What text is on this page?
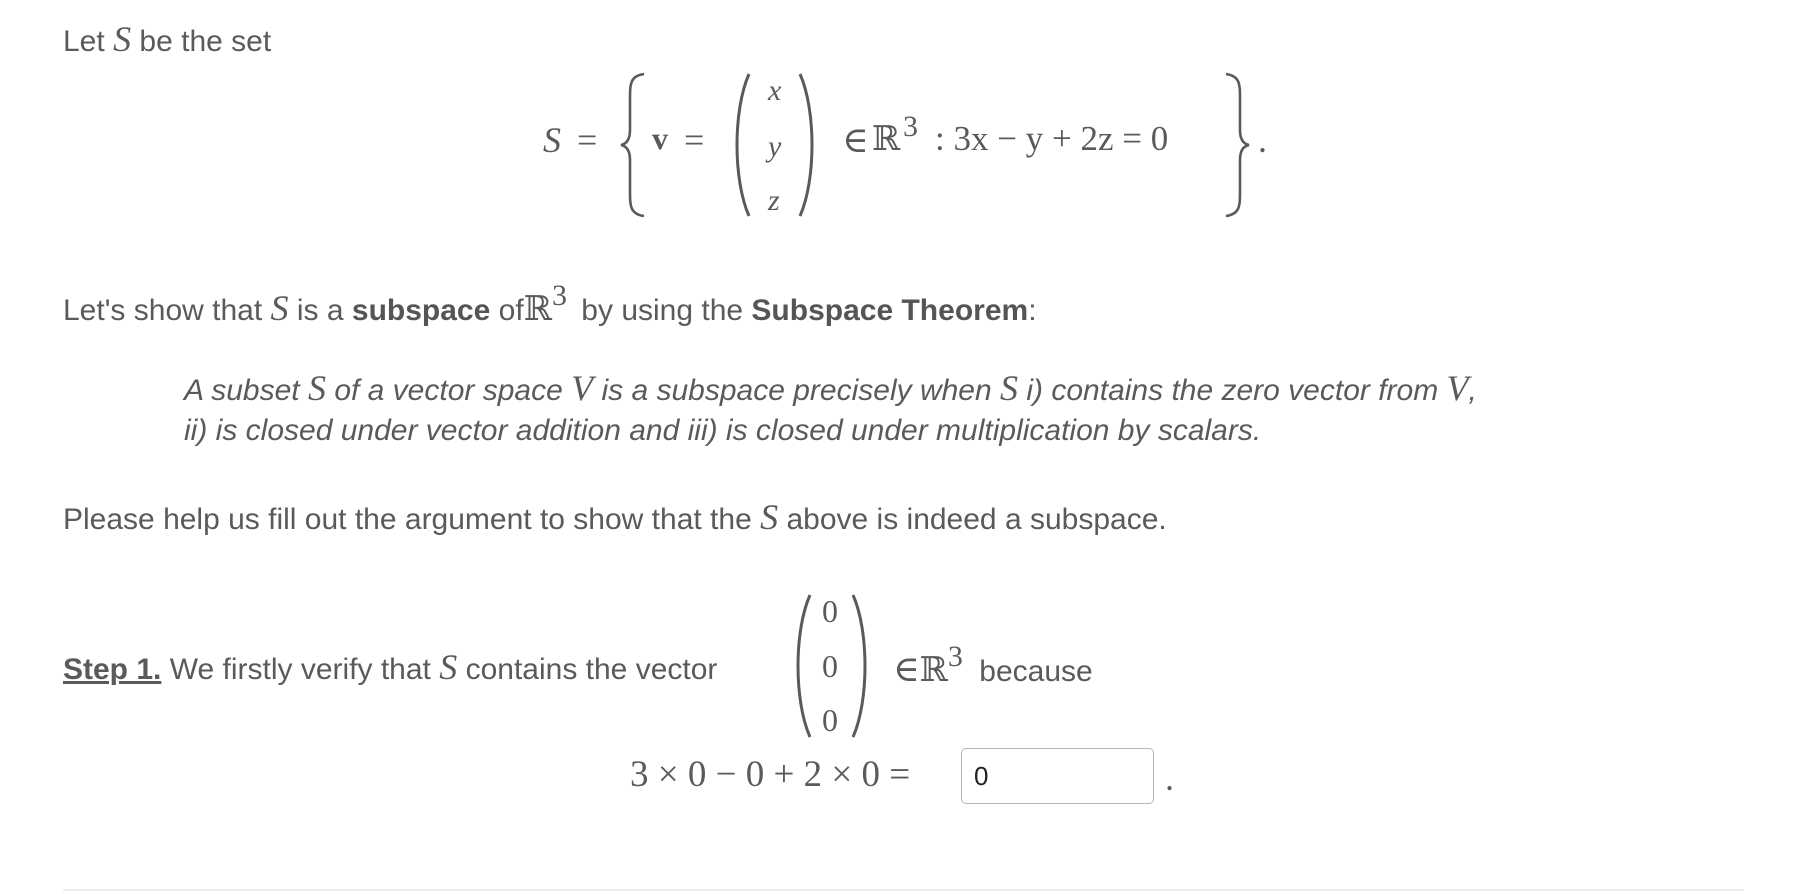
Let S be the set
S = v =
x
y
z
∈ ℝ 3 : 3x − y + 2z = 0 .
Let's show that S is a subspace ofℝ$^3$ by using the Subspace Theorem:
A subset S of a vector space V is a subspace precisely when S i) contains the zero vector from V,
ii) is closed under vector addition and iii) is closed under multiplication by scalars.
Please help us fill out the argument to show that the S above is indeed a subspace.
Step 1. We firstly verify that S contains the vector
0
0
0
∈ℝ$^3$ because
3 × 0 − 0 + 2 × 0 =
0	.
